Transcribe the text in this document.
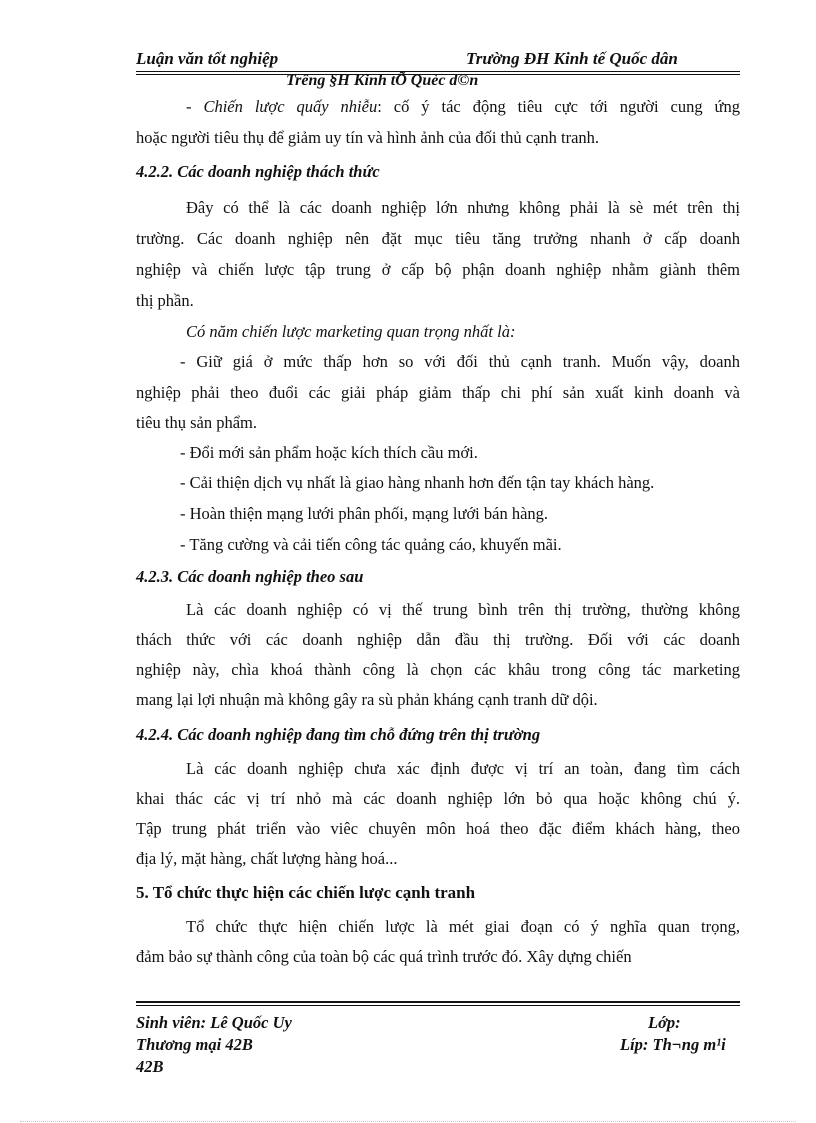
Luận văn tốt nghiệp	Trường ĐH Kinh tế Quốc dân
Trêng §H Kinh tÕ Quèc d©n
- Chiến lược quấy nhiễu: cố ý tác động tiêu cực tới người cung ứng
hoặc người tiêu thụ để giảm uy tín và hình ảnh của đối thủ cạnh tranh.
4.2.2. Các doanh nghiệp thách thức
Đây có thể là các doanh nghiệp lớn nhưng không phải là sè mét trên thị
trường. Các doanh nghiệp nên đặt mục tiêu tăng trưởng nhanh ở cấp doanh
nghiệp và chiến lược tập trung ở cấp bộ phận doanh nghiệp nhằm giành thêm
thị phần.
Có năm chiến lược marketing quan trọng nhất là:
- Giữ giá ở mức thấp hơn so với đối thủ cạnh tranh. Muốn vậy, doanh
nghiệp phải theo đuổi các giải pháp giảm thấp chi phí sản xuất kinh doanh và
tiêu thụ sản phẩm.
- Đổi mới sản phẩm hoặc kích thích cầu mới.
- Cải thiện dịch vụ nhất là giao hàng nhanh hơn đến tận tay khách hàng.
- Hoàn thiện mạng lưới phân phối, mạng lưới bán hàng.
- Tăng cường và cải tiến công tác quảng cáo, khuyến mãi.
4.2.3. Các doanh nghiệp theo sau
Là các doanh nghiệp có vị thế trung bình trên thị trường, thường không
thách thức với các doanh nghiệp dẫn đầu thị trường. Đối với các doanh
nghiệp này, chìa khoá thành công là chọn các khâu trong công tác marketing
mang lại lợi nhuận mà không gây ra sù phản kháng cạnh tranh dữ dội.
4.2.4. Các doanh nghiệp đang tìm chỗ đứng trên thị trường
Là các doanh nghiệp chưa xác định được vị trí an toàn, đang tìm cách
khai thác các vị trí nhỏ mà các doanh nghiệp lớn bỏ qua hoặc không chú ý.
Tập trung phát triển vào viêc chuyên môn hoá theo đặc điểm khách hàng, theo
địa lý, mặt hàng, chất lượng hàng hoá...
5. Tổ chức thực hiện các chiến lược cạnh tranh
Tổ chức thực hiện chiến lược là mét giai đoạn có ý nghĩa quan trọng,
đảm bảo sự thành công của toàn bộ các quá trình trước đó. Xây dựng chiến
Sinh viên: Lê Quốc Uy	Lớp:
Thương mại 42B	Líp: Th¬ng m¹i
42B
